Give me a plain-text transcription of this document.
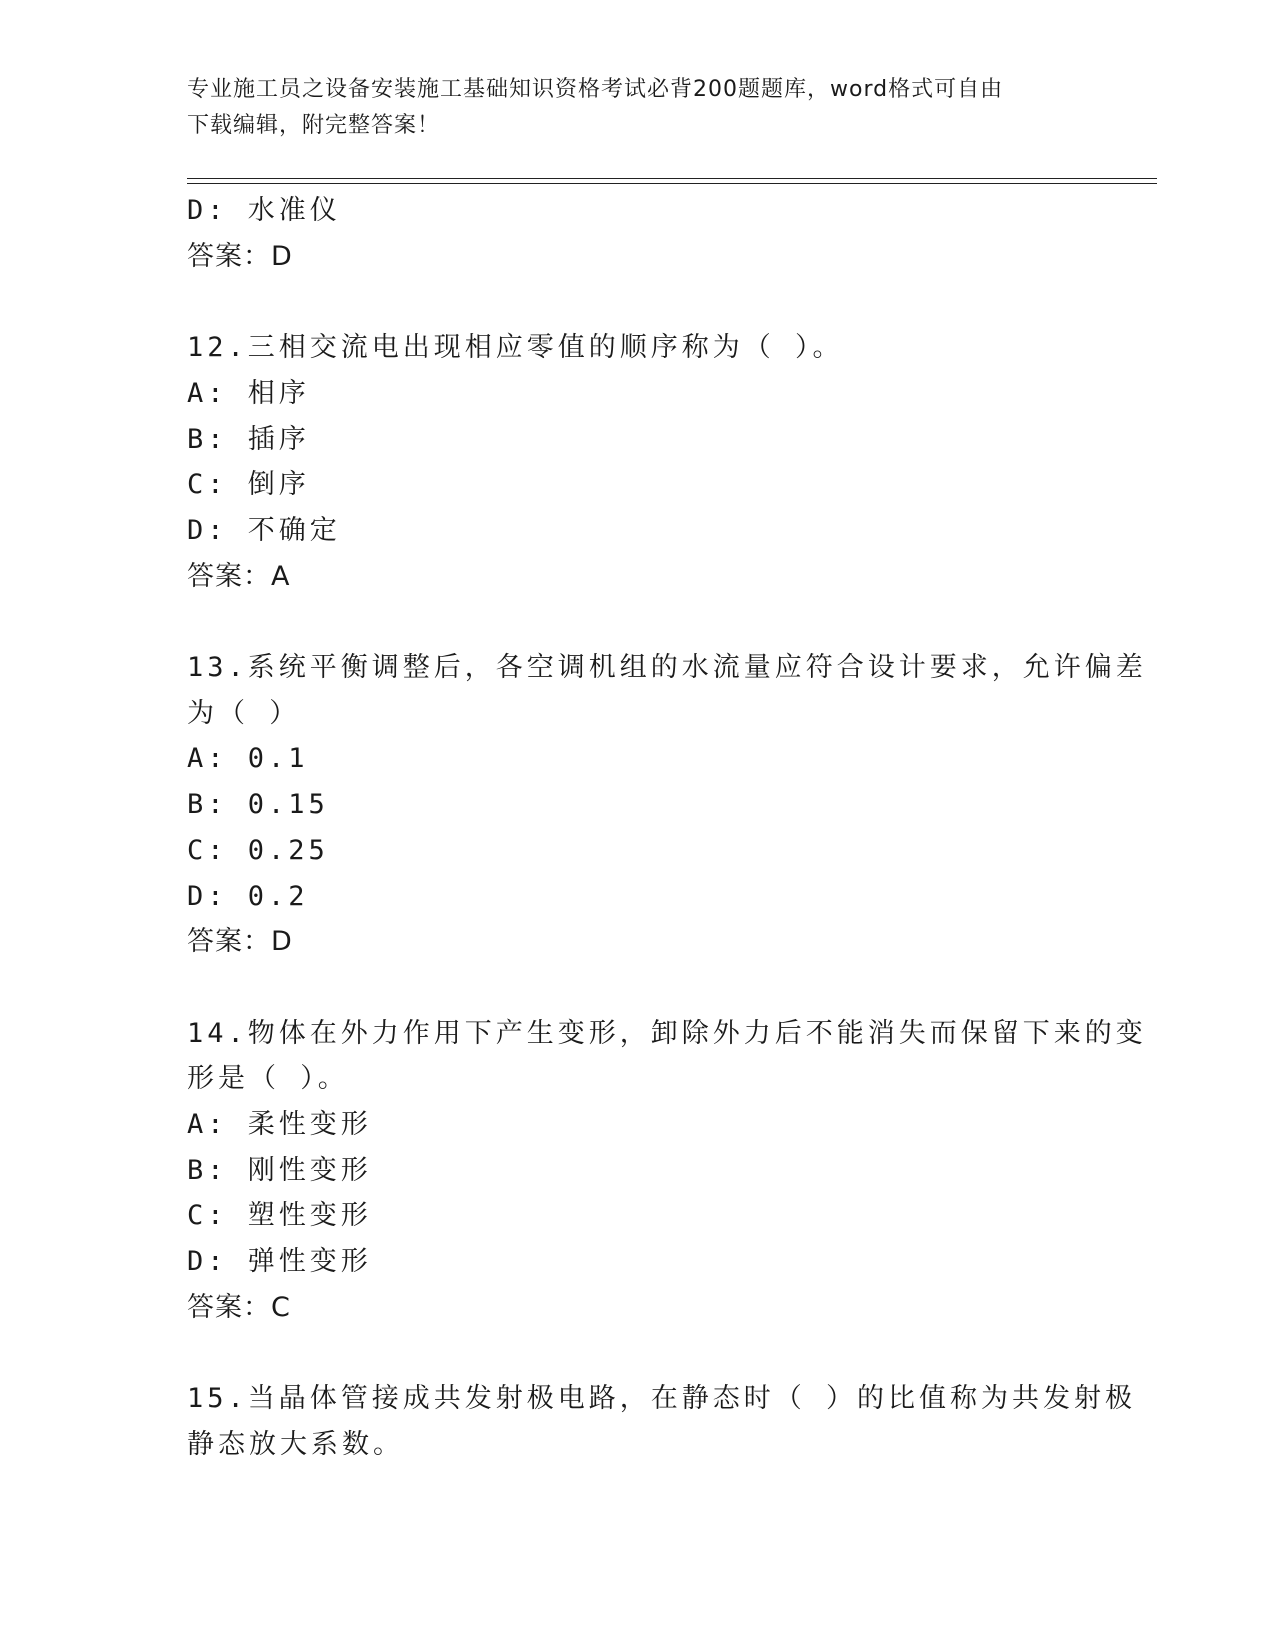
专业施工员之设备安装施工基础知识资格考试必背200题题库，word格式可自由
下载编辑，附完整答案！
D: 水准仪
答案：D
12.三相交流电出现相应零值的顺序称为（ ）。
A: 相序
B: 插序
C: 倒序
D: 不确定
答案：A
13.系统平衡调整后，各空调机组的水流量应符合设计要求，允许偏差
为（ ）
A: 0.1
B: 0.15
C: 0.25
D: 0.2
答案：D
14.物体在外力作用下产生变形，卸除外力后不能消失而保留下来的变
形是（ ）。
A: 柔性变形
B: 刚性变形
C: 塑性变形
D: 弹性变形
答案：C
15.当晶体管接成共发射极电路，在静态时（ ）的比值称为共发射极
静态放大系数。
